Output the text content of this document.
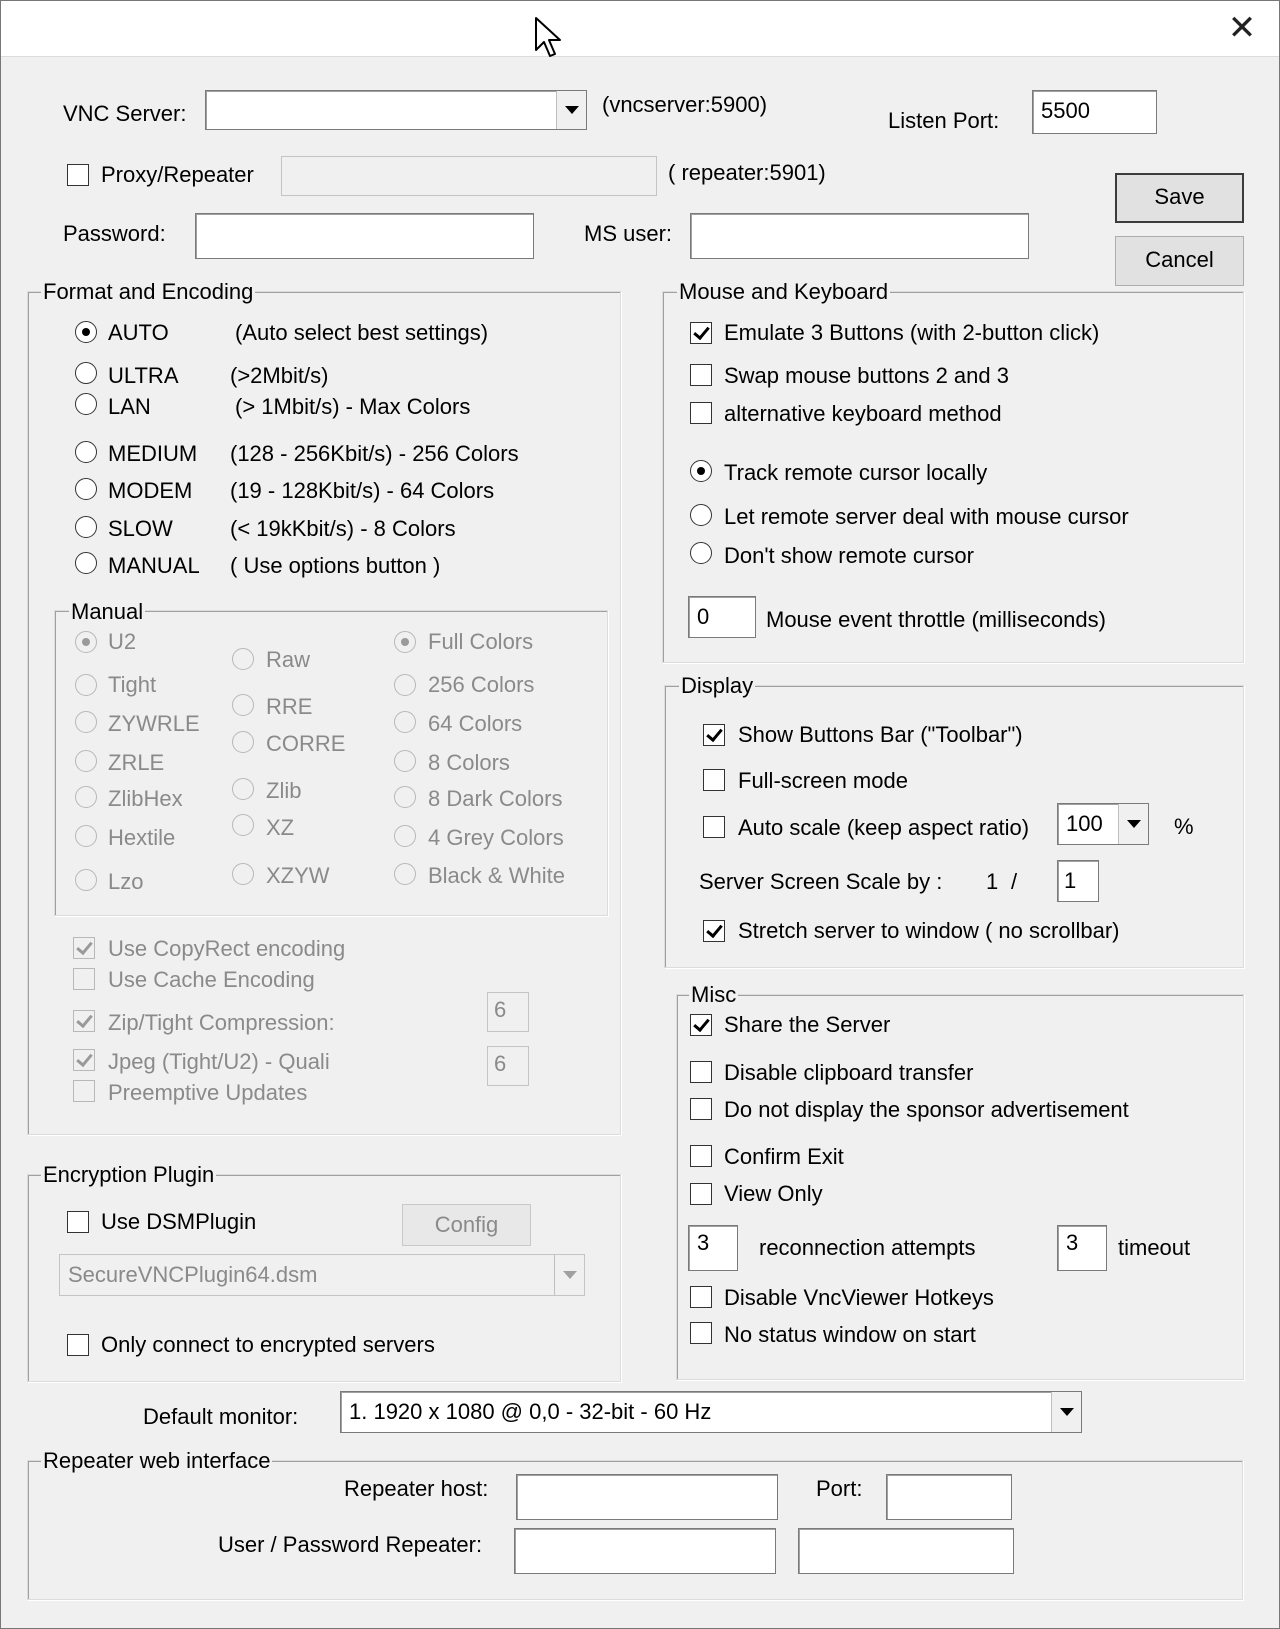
✕
VNC Server:	(vncserver:5900)
Listen Port:	5500
Proxy/Repeater	( repeater:5901)
Password:	MS user:
Save
Cancel
Format and Encoding
AUTO	(Auto select best settings)
ULTRA (>2Mbit/s)
LAN	(> 1Mbit/s) - Max Colors
MEDIUM (128 - 256Kbit/s) - 256 Colors
MODEM (19 - 128Kbit/s) - 64 Colors
SLOW	(< 19kKbit/s) - 8 Colors
MANUAL ( Use options button )
Manual
U2
Tight
ZYWRLE
ZRLE
ZlibHex
Hextile
Lzo
Raw
RRE
CORRE
Zlib
XZ
XZYW
Full Colors
256 Colors
64 Colors
8 Colors
8 Dark Colors
4 Grey Colors
Black & White
Use CopyRect encoding
Use Cache Encoding
Zip/Tight Compression:
6
Jpeg (Tight/U2) - Quali	6
Preemptive Updates
Encryption Plugin
Use DSMPlugin	Config
SecureVNCPlugin64.dsm
Only connect to encrypted servers
Mouse and Keyboard
Emulate 3 Buttons (with 2-button click)
Swap mouse buttons 2 and 3
alternative keyboard method
Track remote cursor locally
Let remote server deal with mouse cursor
Don't show remote cursor
0	Mouse event throttle (milliseconds)
Display
Show Buttons Bar ("Toolbar")
Full-screen mode
Auto scale (keep aspect ratio)	100	%
Server Screen Scale by : 1 /	1
Stretch server to window ( no scrollbar)
Misc
Share the Server
Disable clipboard transfer
Do not display the sponsor advertisement
Confirm Exit
View Only
3	reconnection attempts	3	timeout
Disable VncViewer Hotkeys
No status window on start
Default monitor:	1. 1920 x 1080 @ 0,0 - 32-bit - 60 Hz
Repeater web interface
Repeater host:	Port:
User / Password Repeater:
